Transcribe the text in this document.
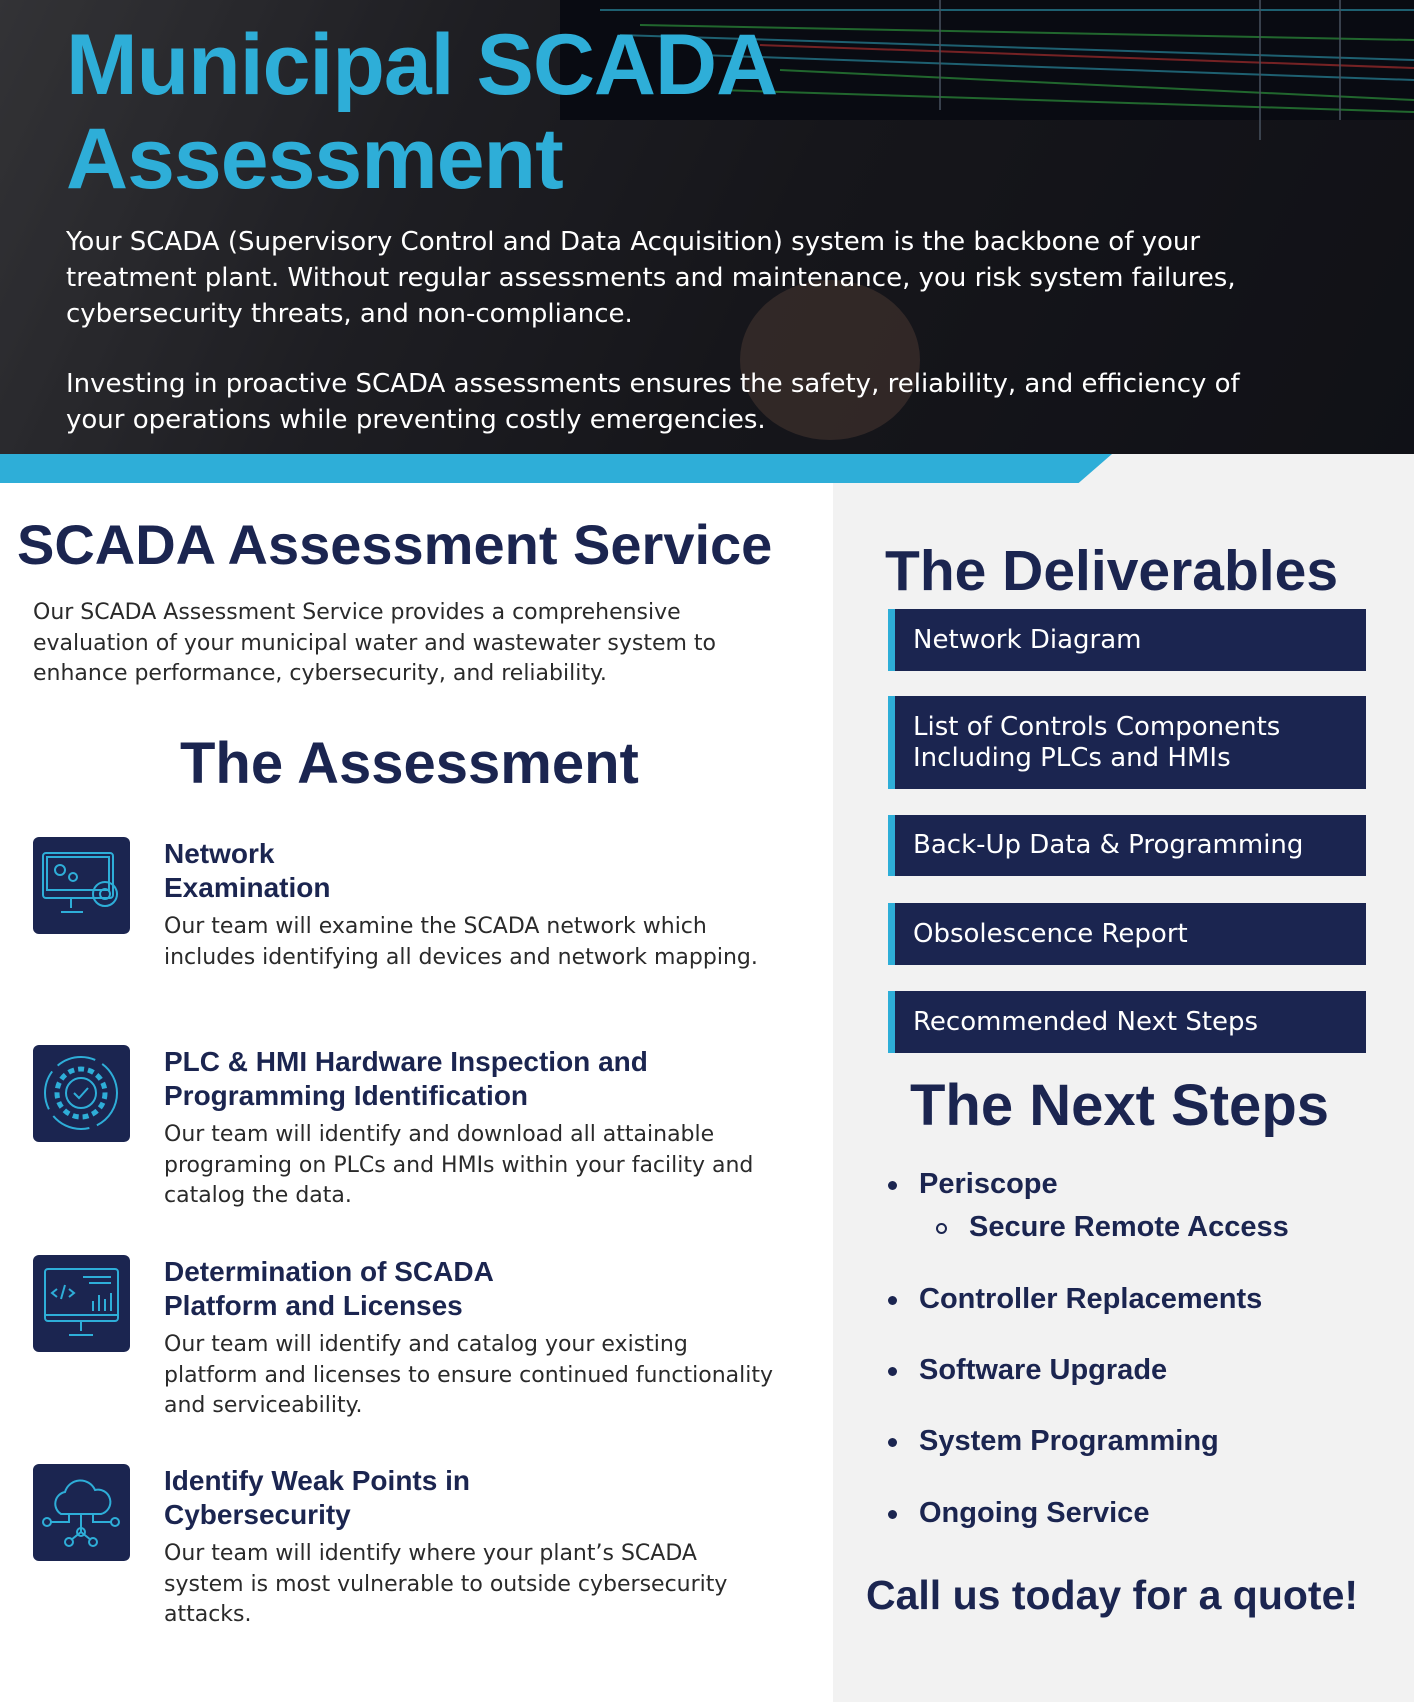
Municipal SCADA
Assessment

Your SCADA (Supervisory Control and Data Acquisition) system is the backbone of your treatment plant. Without regular assessments and maintenance, you risk system failures, cybersecurity threats, and non-compliance.

Investing in proactive SCADA assessments ensures the safety, reliability, and efficiency of your operations while preventing costly emergencies.

SCADA Assessment Service
Our SCADA Assessment Service provides a comprehensive evaluation of your municipal water and wastewater system to enhance performance, cybersecurity, and reliability.
The Assessment
Network Examination

Our team will examine the SCADA network which includes identifying all devices and network mapping.

PLC & HMI Hardware Inspection and Programming Identification

Our team will identify and download all attainable programing on PLCs and HMIs within your facility and catalog the data.

Determination of SCADA Platform and Licenses

Our team will identify and catalog your existing platform and licenses to ensure continued functionality and serviceability.

Identify Weak Points in Cybersecurity

Our team will identify where your plant’s SCADA system is most vulnerable to outside cybersecurity attacks.

The Deliverables
Network Diagram
List of Controls Components Including PLCs and HMIs
Back-Up Data & Programming
Obsolescence Report
Recommended Next Steps
The Next Steps
Periscope
Secure Remote Access
Controller Replacements
Software Upgrade
System Programming
Ongoing Service
Call us today for a quote!
